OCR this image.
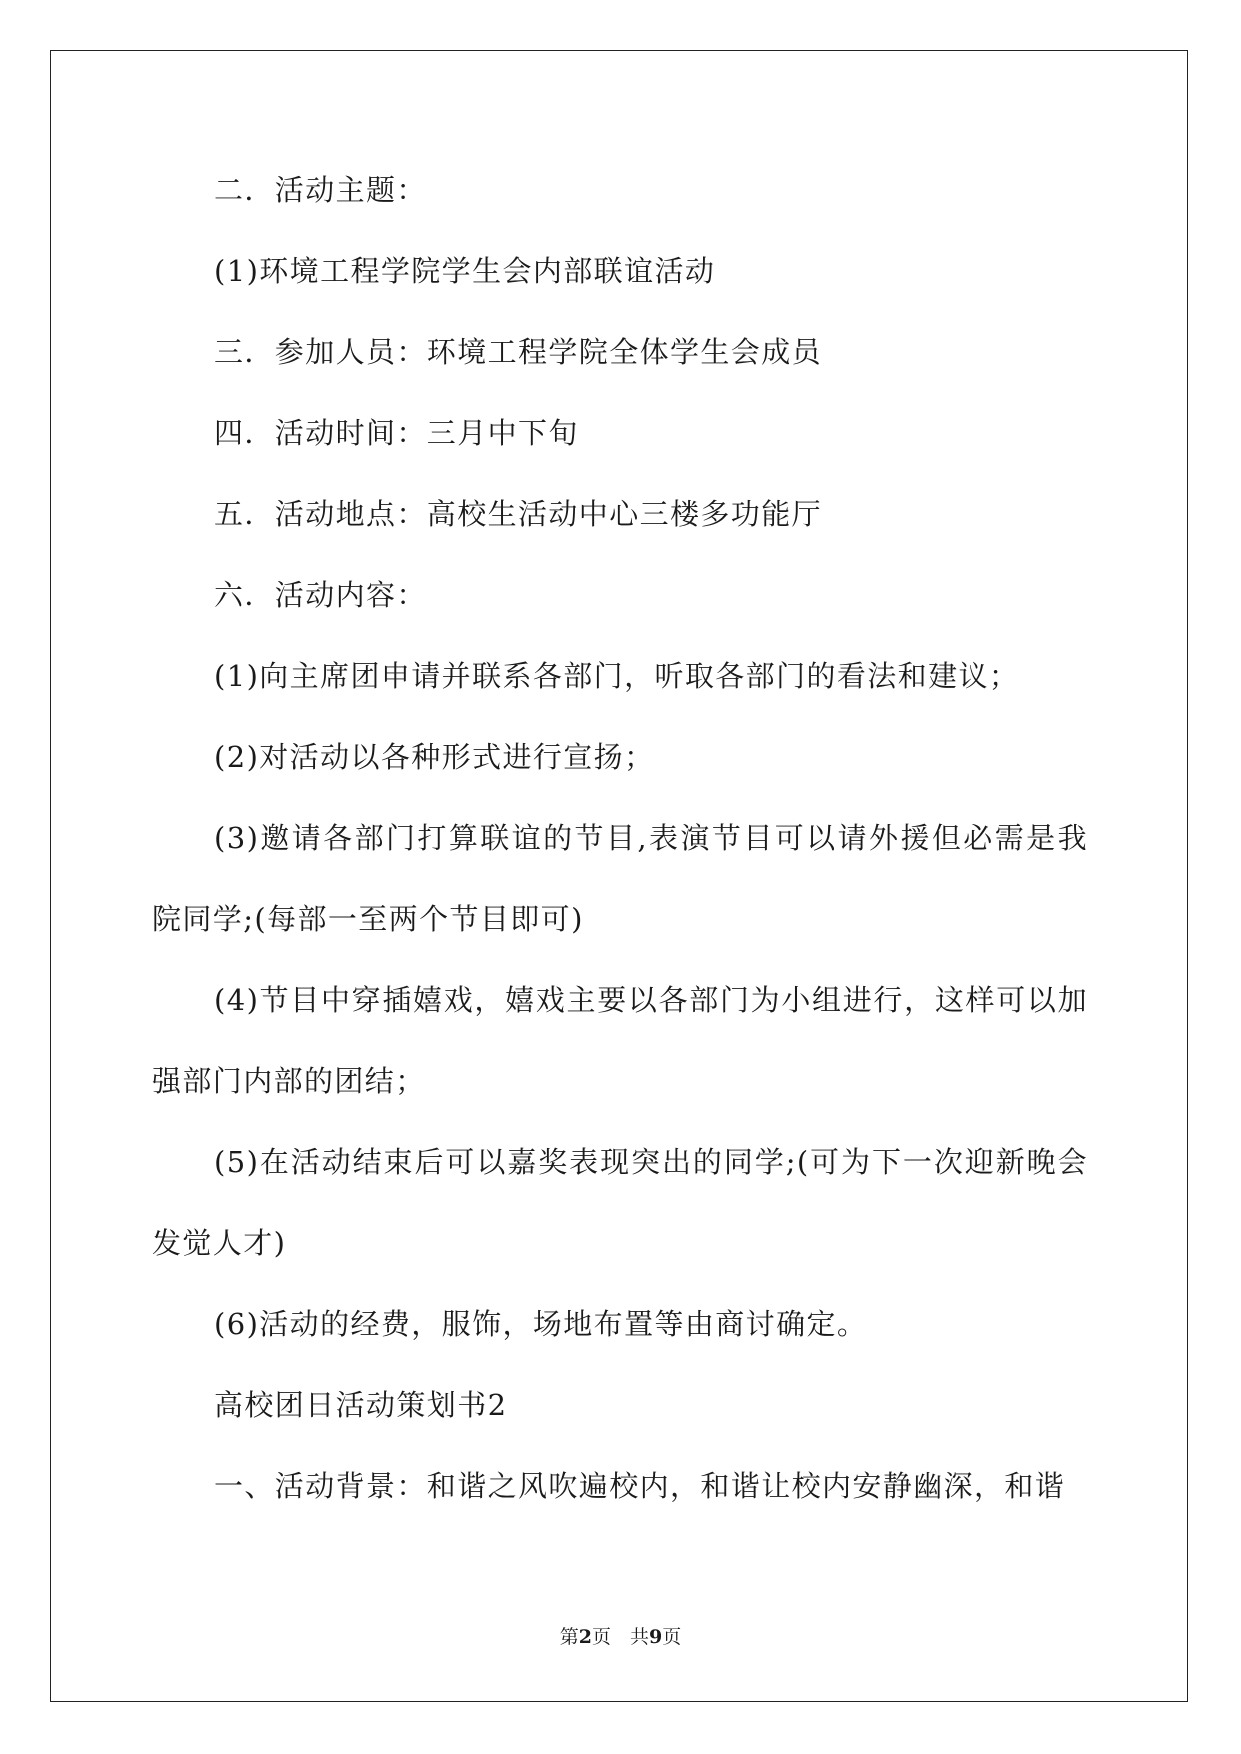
二．活动主题：

(1)环境工程学院学生会内部联谊活动

三．参加人员：环境工程学院全体学生会成员

四．活动时间：三月中下旬

五．活动地点：高校生活动中心三楼多功能厅

六．活动内容：

(1)向主席团申请并联系各部门，听取各部门的看法和建议；

(2)对活动以各种形式进行宣扬；

(3)邀请各部门打算联谊的节目,表演节目可以请外援但必需是我院同学;(每部一至两个节目即可)

(4)节目中穿插嬉戏，嬉戏主要以各部门为小组进行，这样可以加强部门内部的团结；

(5)在活动结束后可以嘉奖表现突出的同学;(可为下一次迎新晚会发觉人才)

(6)活动的经费，服饰，场地布置等由商讨确定。

高校团日活动策划书2

一、活动背景：和谐之风吹遍校内，和谐让校内安静幽深，和谐

第2页　共9页
